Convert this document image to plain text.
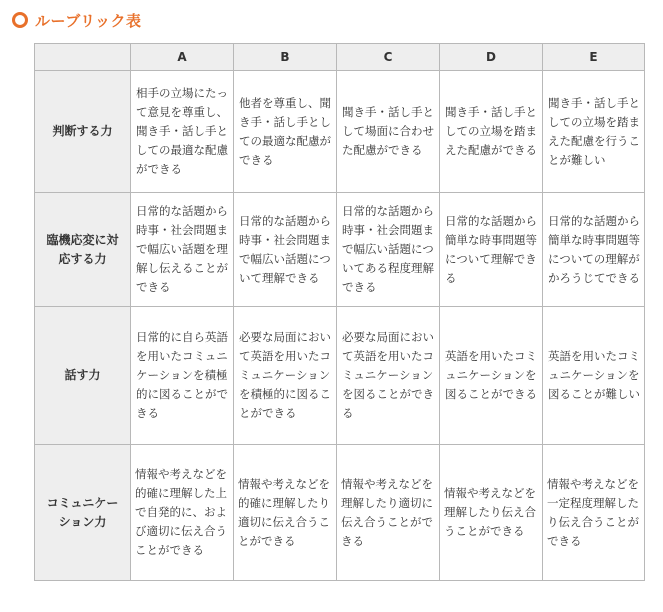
ルーブリック表
	A	B	C	D	E
判断する力	相手の立場にたって意見を尊重し、聞き手・話し手としての最適な配慮ができる	他者を尊重し、聞き手・話し手としての最適な配慮ができる	聞き手・話し手として場面に合わせた配慮ができる	聞き手・話し手としての立場を踏まえた配慮ができる	聞き手・話し手としての立場を踏まえた配慮を行うことが難しい
臨機応変に対応する力	日常的な話題から時事・社会問題まで幅広い話題を理解し伝えることができる	日常的な話題から時事・社会問題まで幅広い話題について理解できる	日常的な話題から時事・社会問題まで幅広い話題についてある程度理解できる	日常的な話題から簡単な時事問題等について理解できる	日常的な話題から簡単な時事問題等についての理解がかろうじてできる
話す力	日常的に自ら英語を用いたコミュニケーションを積極的に図ることができる	必要な局面において英語を用いたコミュニケーションを積極的に図ることができる	必要な局面において英語を用いたコミュニケーションを図ることができる	英語を用いたコミュニケーションを図ることができる	英語を用いたコミュニケーションを図ることが難しい
コミュニケーション力	情報や考えなどを的確に理解した上で自発的に、および適切に伝え合うことができる	情報や考えなどを的確に理解したり適切に伝え合うことができる	情報や考えなどを理解したり適切に伝え合うことができる	情報や考えなどを理解したり伝え合うことができる	情報や考えなどを一定程度理解したり伝え合うことができる
